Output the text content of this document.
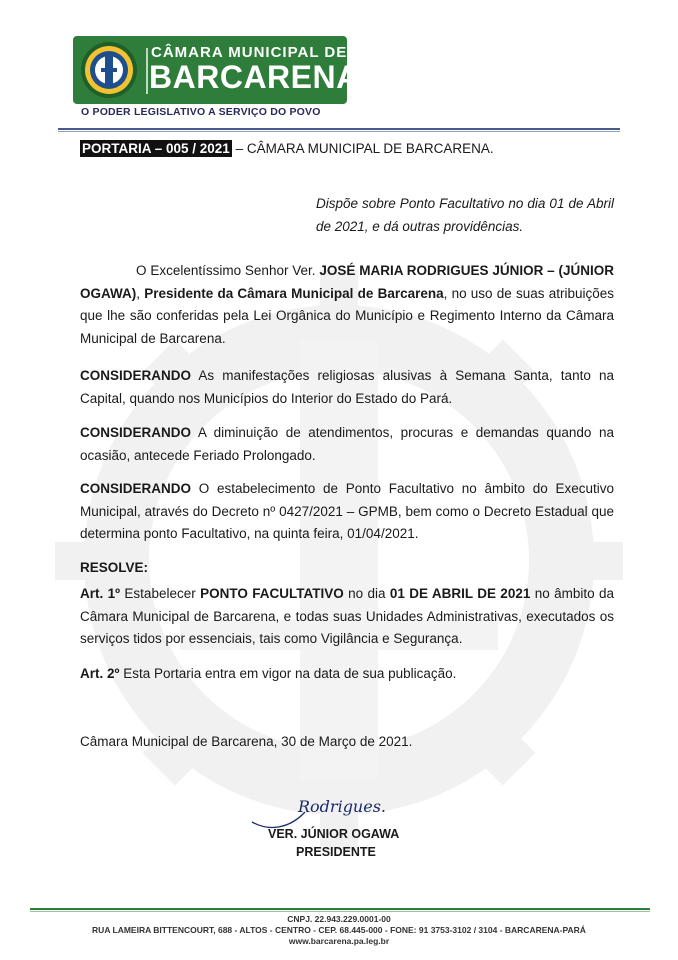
CÂMARA MUNICIPAL DE
BARCARENA
O PODER LEGISLATIVO A SERVIÇO DO POVO
PORTARIA – 005 / 2021 – CÂMARA MUNICIPAL DE BARCARENA.
Dispõe sobre Ponto Facultativo no dia 01 de Abril de 2021, e dá outras providências.
O Excelentíssimo Senhor Ver. JOSÉ MARIA RODRIGUES JÚNIOR – (JÚNIOR OGAWA), Presidente da Câmara Municipal de Barcarena, no uso de suas atribuições que lhe são conferidas pela Lei Orgânica do Município e Regimento Interno da Câmara Municipal de Barcarena.
CONSIDERANDO As manifestações religiosas alusivas à Semana Santa, tanto na Capital, quando nos Municípios do Interior do Estado do Pará.
CONSIDERANDO A diminuição de atendimentos, procuras e demandas quando na ocasião, antecede Feriado Prolongado.
CONSIDERANDO O estabelecimento de Ponto Facultativo no âmbito do Executivo Municipal, através do Decreto nº 0427/2021 – GPMB, bem como o Decreto Estadual que determina ponto Facultativo, na quinta feira, 01/04/2021.
RESOLVE:
Art. 1º Estabelecer PONTO FACULTATIVO no dia 01 DE ABRIL DE 2021 no âmbito da Câmara Municipal de Barcarena, e todas suas Unidades Administrativas, executados os serviços tidos por essenciais, tais como Vigilância e Segurança.
Art. 2º Esta Portaria entra em vigor na data de sua publicação.
Câmara Municipal de Barcarena, 30 de Março de 2021.
Rodrigues.
VER. JÚNIOR OGAWA
PRESIDENTE
CNPJ. 22.943.229.0001-00
RUA LAMEIRA BITTENCOURT, 688 - ALTOS - CENTRO - CEP. 68.445-000 - FONE: 91 3753-3102 / 3104 - BARCARENA-PARÁ
www.barcarena.pa.leg.br
